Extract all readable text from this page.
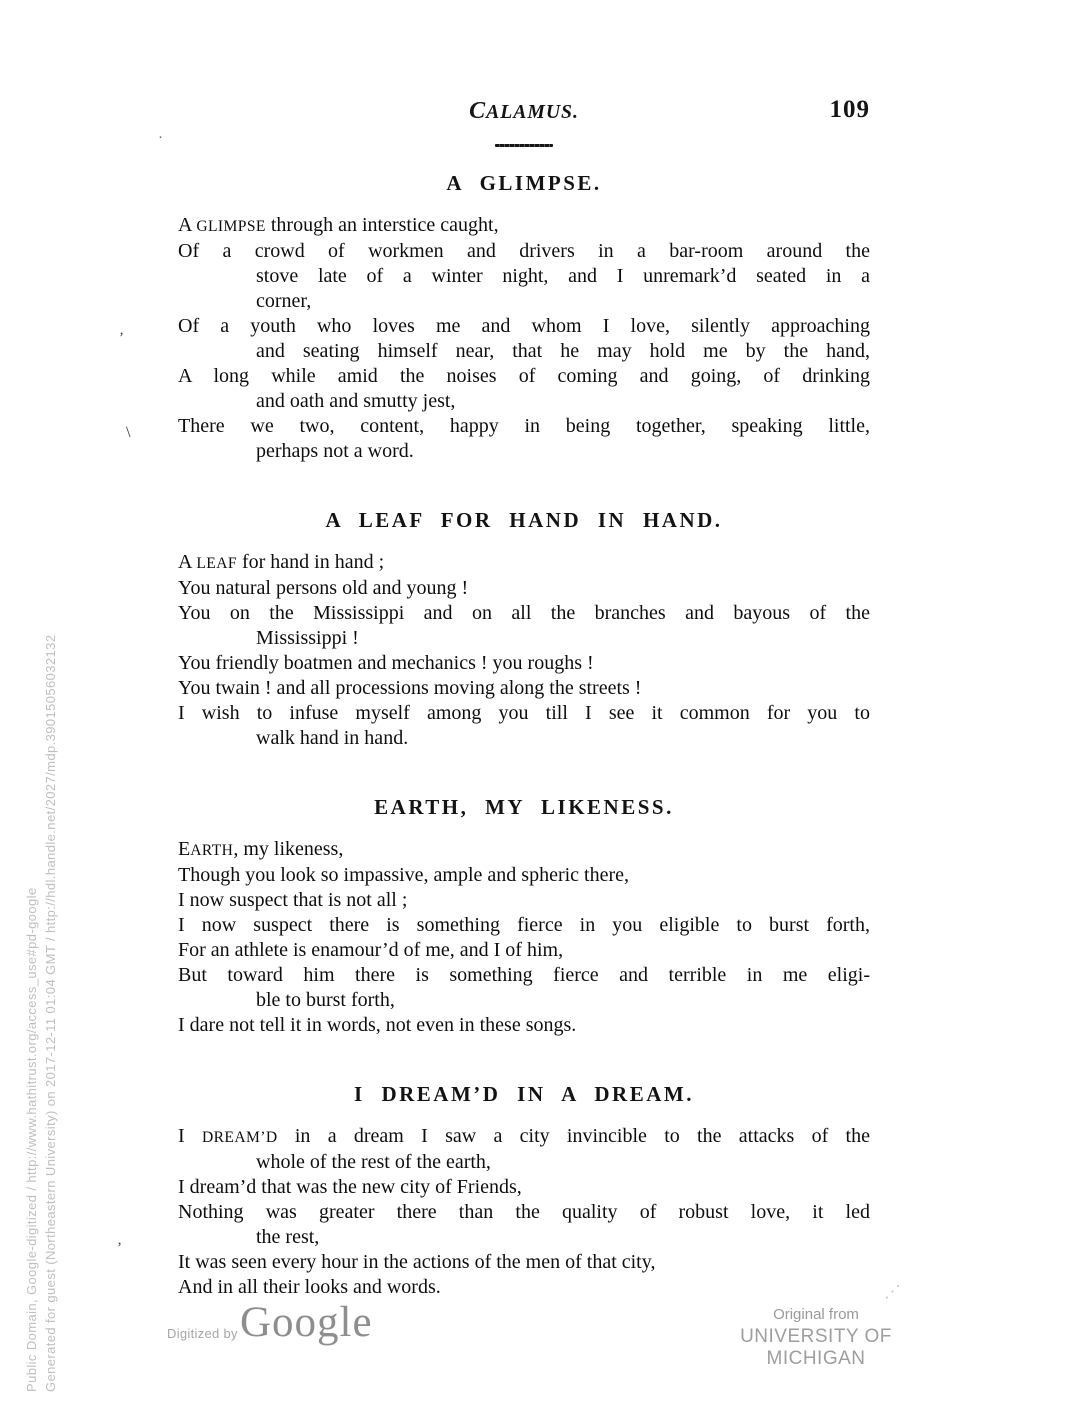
CALAMUS.	109
A GLIMPSE.
A GLIMPSE through an interstice caught,
Of a crowd of workmen and drivers in a bar-room around the
stove late of a winter night, and I unremark’d seated in a
corner,
Of a youth who loves me and whom I love, silently approaching
and seating himself near, that he may hold me by the hand,
A long while amid the noises of coming and going, of drinking
and oath and smutty jest,
There we two, content, happy in being together, speaking little,
perhaps not a word.
A LEAF FOR HAND IN HAND.
A LEAF for hand in hand ;
You natural persons old and young !
You on the Mississippi and on all the branches and bayous of the
Mississippi !
You friendly boatmen and mechanics ! you roughs !
You twain ! and all processions moving along the streets !
I wish to infuse myself among you till I see it common for you to
walk hand in hand.
EARTH, MY LIKENESS.
EARTH, my likeness,
Though you look so impassive, ample and spheric there,
I now suspect that is not all ;
I now suspect there is something fierce in you eligible to burst forth,
For an athlete is enamour’d of me, and I of him,
But toward him there is something fierce and terrible in me eligi-
ble to burst forth,
I dare not tell it in words, not even in these songs.
I DREAM’D IN A DREAM.
I DREAM’D in a dream I saw a city invincible to the attacks of the
whole of the rest of the earth,
I dream’d that was the new city of Friends,
Nothing was greater there than the quality of robust love, it led
the rest,
It was seen every hour in the actions of the men of that city,
And in all their looks and words.
Public Domain, Google-digitized / http://www.hathitrust.org/access_use#pd-google Generated for guest (Northeastern University) on 2017-12-11 01:04 GMT / http://hdl.handle.net/2027/mdp.39015056032132	Digitized by Google	Original from
UNIVERSITY OF MICHIGAN
·
’
\
’
⋰
